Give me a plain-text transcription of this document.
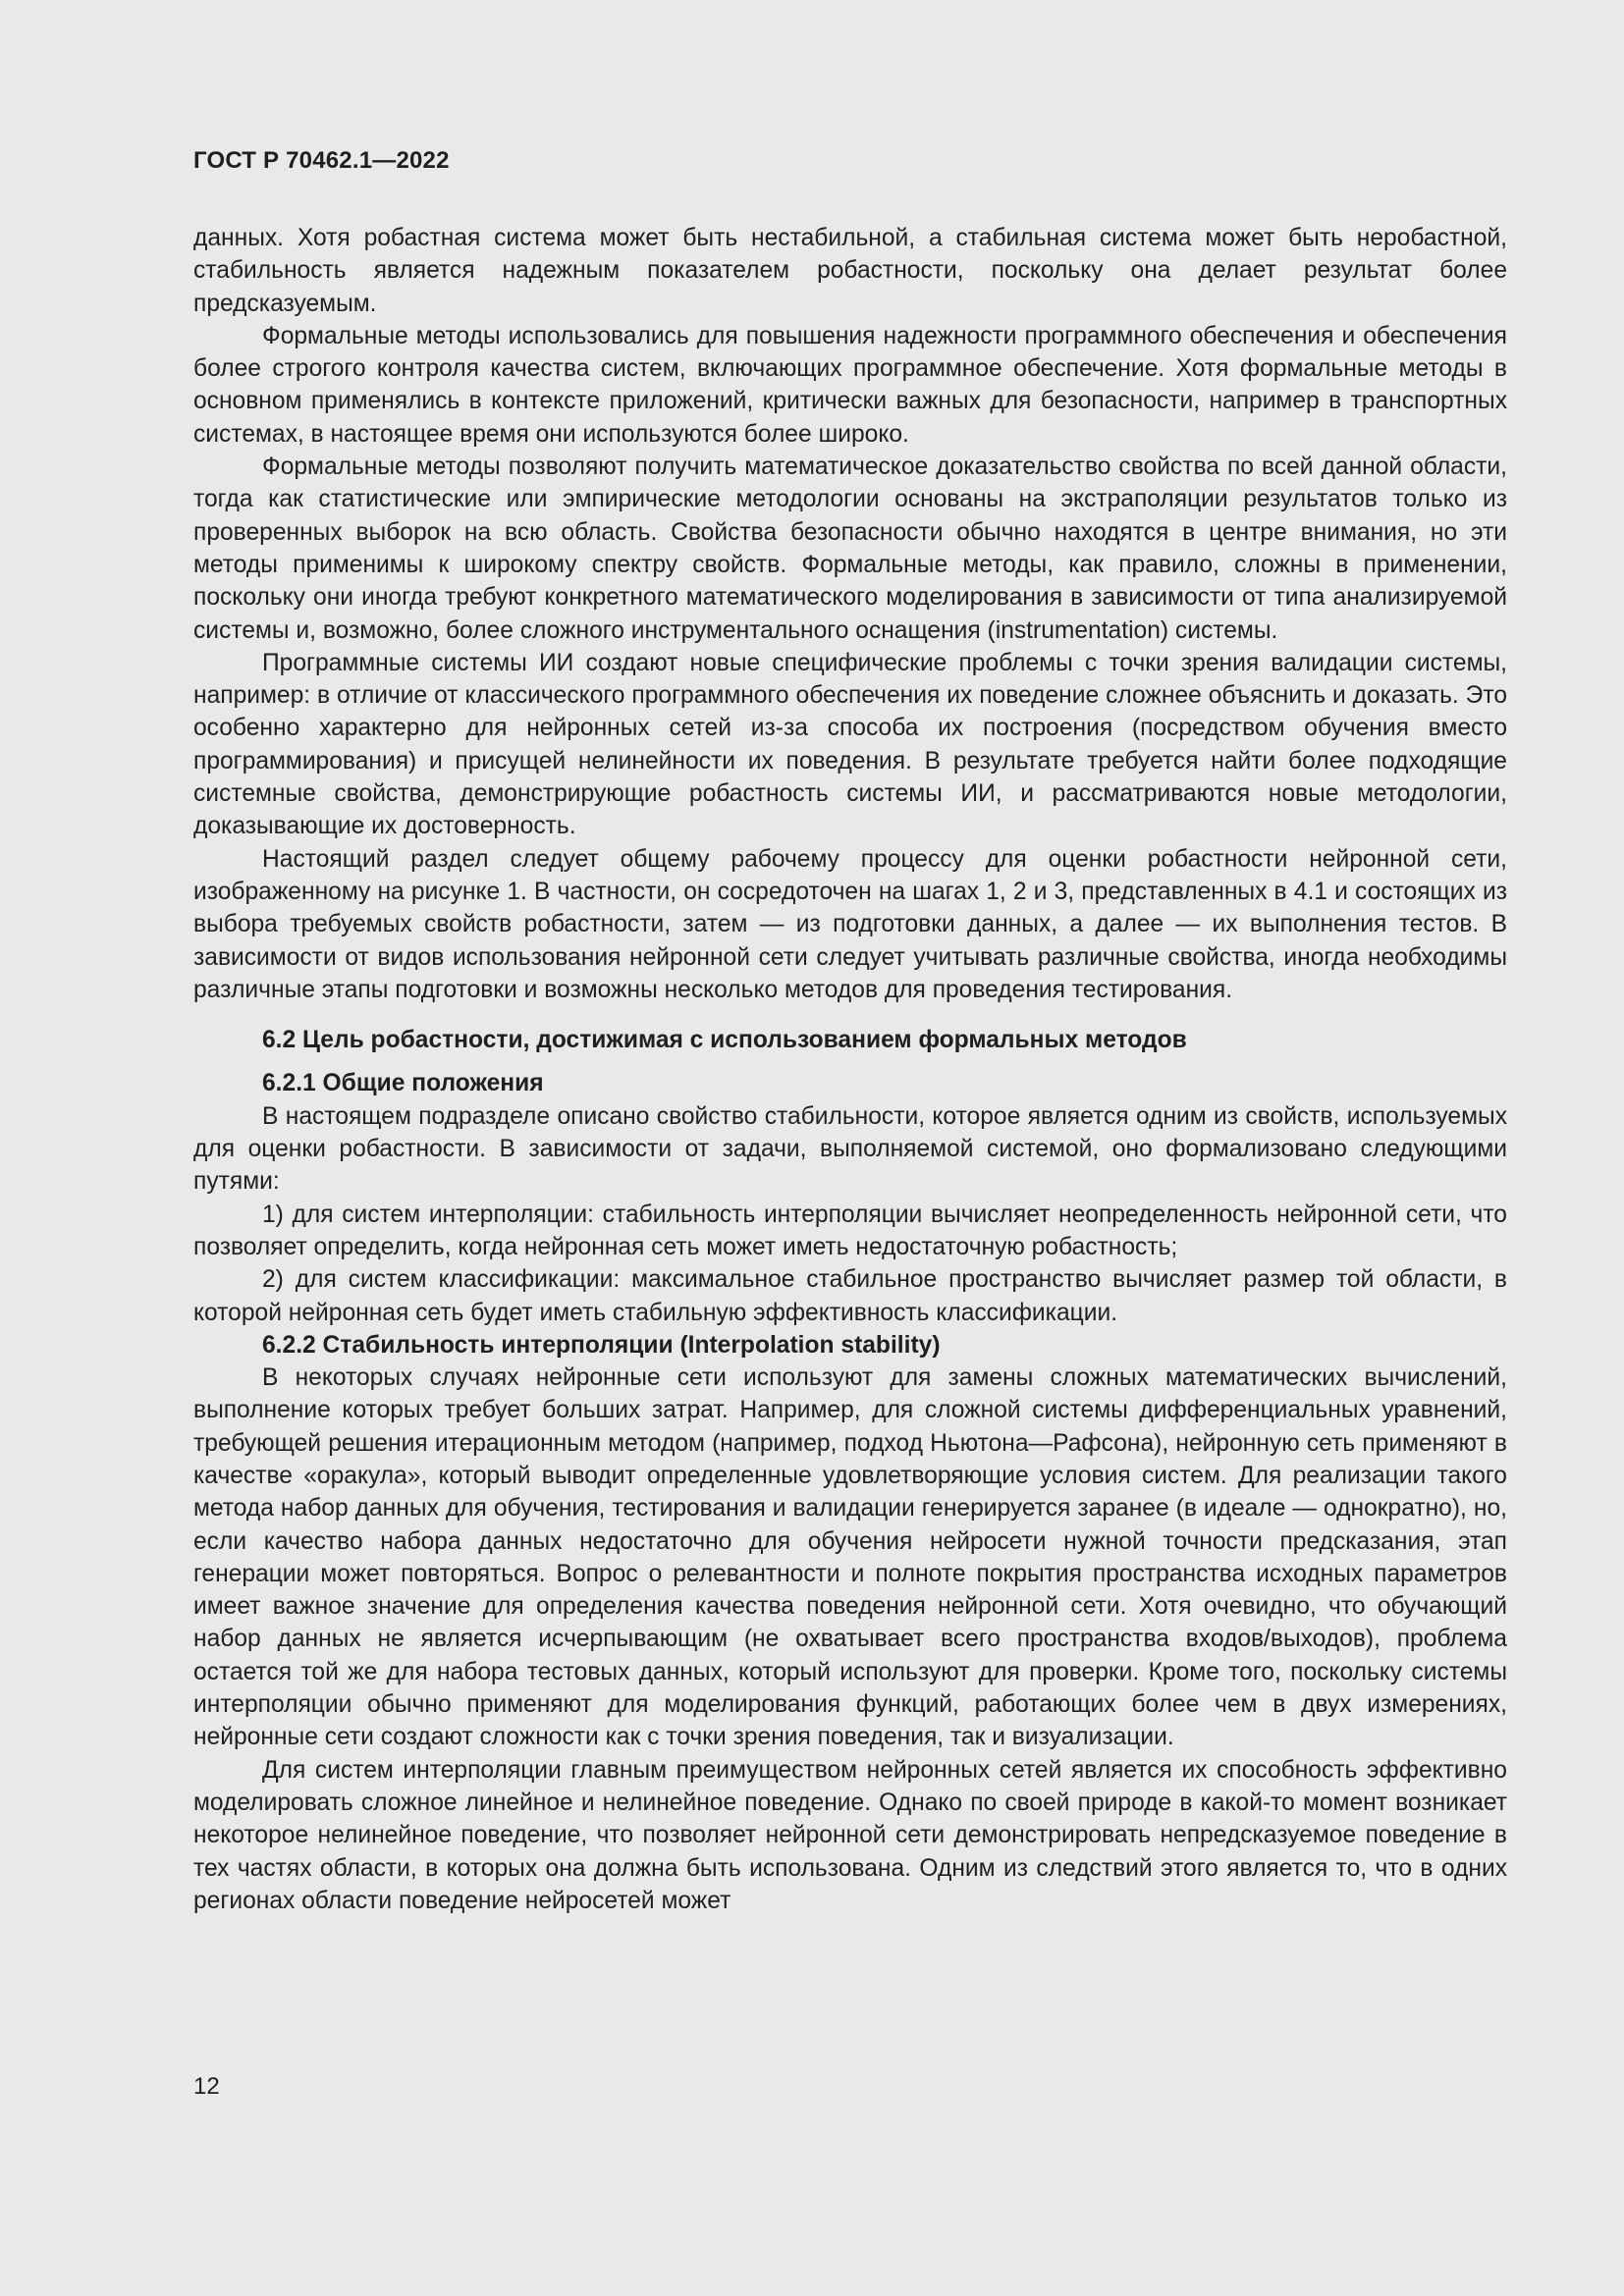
ГОСТ Р 70462.1—2022

данных. Хотя робастная система может быть нестабильной, а стабильная система может быть неробастной, стабильность является надежным показателем робастности, поскольку она делает результат более предсказуемым.

Формальные методы использовались для повышения надежности программного обеспечения и обеспечения более строгого контроля качества систем, включающих программное обеспечение. Хотя формальные методы в основном применялись в контексте приложений, критически важных для безопасности, например в транспортных системах, в настоящее время они используются более широко.

Формальные методы позволяют получить математическое доказательство свойства по всей данной области, тогда как статистические или эмпирические методологии основаны на экстраполяции результатов только из проверенных выборок на всю область. Свойства безопасности обычно находятся в центре внимания, но эти методы применимы к широкому спектру свойств. Формальные методы, как правило, сложны в применении, поскольку они иногда требуют конкретного математического моделирования в зависимости от типа анализируемой системы и, возможно, более сложного инструментального оснащения (instrumentation) системы.

Программные системы ИИ создают новые специфические проблемы с точки зрения валидации системы, например: в отличие от классического программного обеспечения их поведение сложнее объяснить и доказать. Это особенно характерно для нейронных сетей из-за способа их построения (посредством обучения вместо программирования) и присущей нелинейности их поведения. В результате требуется найти более подходящие системные свойства, демонстрирующие робастность системы ИИ, и рассматриваются новые методологии, доказывающие их достоверность.

Настоящий раздел следует общему рабочему процессу для оценки робастности нейронной сети, изображенному на рисунке 1. В частности, он сосредоточен на шагах 1, 2 и 3, представленных в 4.1 и состоящих из выбора требуемых свойств робастности, затем — из подготовки данных, а далее — их выполнения тестов. В зависимости от видов использования нейронной сети следует учитывать различные свойства, иногда необходимы различные этапы подготовки и возможны несколько методов для проведения тестирования.

6.2 Цель робастности, достижимая с использованием формальных методов
6.2.1 Общие положения

В настоящем подразделе описано свойство стабильности, которое является одним из свойств, используемых для оценки робастности. В зависимости от задачи, выполняемой системой, оно формализовано следующими путями:

1) для систем интерполяции: стабильность интерполяции вычисляет неопределенность нейронной сети, что позволяет определить, когда нейронная сеть может иметь недостаточную робастность;

2) для систем классификации: максимальное стабильное пространство вычисляет размер той области, в которой нейронная сеть будет иметь стабильную эффективность классификации.

6.2.2 Стабильность интерполяции (Interpolation stability)

В некоторых случаях нейронные сети используют для замены сложных математических вычислений, выполнение которых требует больших затрат. Например, для сложной системы дифференциальных уравнений, требующей решения итерационным методом (например, подход Ньютона—Рафсона), нейронную сеть применяют в качестве «оракула», который выводит определенные удовлетворяющие условия систем. Для реализации такого метода набор данных для обучения, тестирования и валидации генерируется заранее (в идеале — однократно), но, если качество набора данных недостаточно для обучения нейросети нужной точности предсказания, этап генерации может повторяться. Вопрос о релевантности и полноте покрытия пространства исходных параметров имеет важное значение для определения качества поведения нейронной сети. Хотя очевидно, что обучающий набор данных не является исчерпывающим (не охватывает всего пространства входов/выходов), проблема остается той же для набора тестовых данных, который используют для проверки. Кроме того, поскольку системы интерполяции обычно применяют для моделирования функций, работающих более чем в двух измерениях, нейронные сети создают сложности как с точки зрения поведения, так и визуализации.

Для систем интерполяции главным преимуществом нейронных сетей является их способность эффективно моделировать сложное линейное и нелинейное поведение. Однако по своей природе в какой-то момент возникает некоторое нелинейное поведение, что позволяет нейронной сети демонстрировать непредсказуемое поведение в тех частях области, в которых она должна быть использована. Одним из следствий этого является то, что в одних регионах области поведение нейросетей может

12
